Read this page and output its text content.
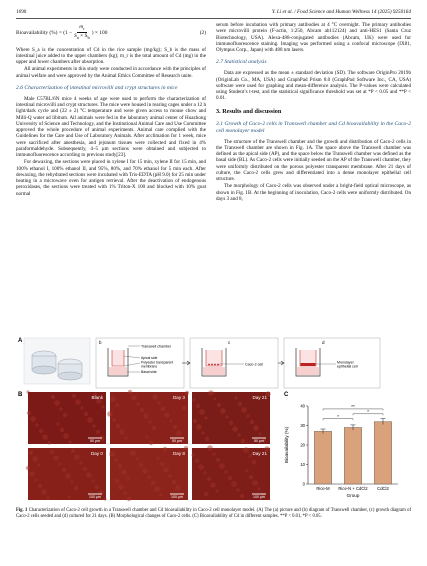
1690	Y. Li et al. / Food Science and Human Wellness 14 (2025) 9250164
Bioavailability (%) = ($1 - \frac{m_r}{S_a \times S_b}$ ) × 100	(2)

Where S_a is the concentration of Cd in the rice sample (mg/kg); S_b is the mass of intestinal juice added to the upper chambers (kg); m_r is the total amount of Cd (mg) in the upper and lower chambers after absorption.

All animal experiments in this study were conducted in accordance with the principles of animal welfare and were approved by the Animal Ethics Committee of Research unite.

2.6 Characterization of intestinal microvilli and crypt structures in mice

Male C57BL/6N mice 4 weeks of age were used to perform the characterization of intestinal microvilli and crypt structures. The mice were housed in rearing cages under a 12 h light/dark cycle and (22 ± 2) °C temperature and were given access to mouse chow and Milli-Q water ad libitum. All animals were fed in the laboratory animal center of Huazhong University of Science and Technology, and the Institutional Animal Care and Use Committee approved the whole procedure of animal experiments. Animal care complied with the Guidelines for the Care and Use of Laboratory Animals. After acclimation for 1 week, mice were sacrificed after anesthesia, and jejunum tissues were collected and fixed in 4% paraformaldehyde. Subsequently, 4–5 μm sections were obtained and subjected to immunofluorescence according to previous study[23].

For dewaxing, the sections were placed in xylene I for 15 min, xylene II for 15 min, and 100% ethanol I, 100% ethanol II, and 95%, 80%, and 70% ethanol for 5 min each. After dewaxing, the rehydrated sections were incubated with Tris-EDTA (pH 9.0) for 25 min under heating in a microwave oven for antigen retrieval. After the deactivation of endogenous peroxidases, the sections were treated with 1% Triton-X 100 and blocked with 10% goat normal

serum before incubation with primary antibodies at 4 °C overnight. The primary antibodies were microvilli protein (F-actin, 1:250, Abcam ab112124) and anti-HES1 (Santa Cruz Biotechnology, USA). Alexa-488-conjugated antibodies (Abcam, UK) were used for immunofluorescence staining. Imaging was performed using a confocal microscope (IX81, Olympus Corp., Japan) with 488 nm lasers.

2.7 Statistical analysis

Data are expressed as the mean ± standard deviation (SD). The software OriginPro 2019b (OriginLab Co., MA, USA) and GraphPad Prism 8.0 (GraphPad Software Inc., CA, USA) software were used for graphing and mean-difference analysis. The P-values were calculated using Student’s t-test, and the statistical significance threshold was set at *P < 0.05 and **P < 0.01.

3. Results and discussion
3.1 Growth of Caco-2 cells in Transwell chamber and Cd bioavailability in the Caco-2 cell monolayer model

The structure of the Transwell chamber and the growth and distribution of Caco-2 cells in the Transwell chamber are shown in Fig. 1A. The space above the Transwell chamber was defined as the apical side (AP), and the space below the Transwell chamber was defined as the basal side (BL). As Caco-2 cells were initially seeded on the AP of the Transwell chamber, they were uniformly distributed on the porous polyester transparent membrane. After 21 days of culture, the Caco-2 cells grew and differentiated into a dense monolayer epithelial cell structure.

The morphology of Caco-2 cells was observed under a bright-field optical microscope, as shown in Fig. 1B. At the beginning of inoculation, Caco-2 cells were uniformly distributed. On days 3 and 8,

A	b
Transwell chamber
Apical side
Polyester transparent
membrane
Basal side
c
Caco-2 cell
d
Monolayer
epithelial cell
B	Blank
50 μm
Day 3
50 μm
Day 21
50 μm
Day 0
100 μm
Day 8
100 μm
Day 21
100 μm
C
0
10
20
30
40
Bioavailability (%)
Rice-M Rice-N + CdCl2 CdCl2
Group
*
*
**
Fig. 1 Characterization of Caco-2 cell growth in a Transwell chamber and Cd bioavailability in Caco-2 cell monolayer model. (A) The (a) picture and (b) diagram of Transwell chamber, (c) growth diagram of Caco-2 cells seeded and (d) cultured for 21 days. (B) Morphological changes of Caco-2 cells. (C) Bioavailability of Cd in different samples. **P < 0.01, *P < 0.05.
